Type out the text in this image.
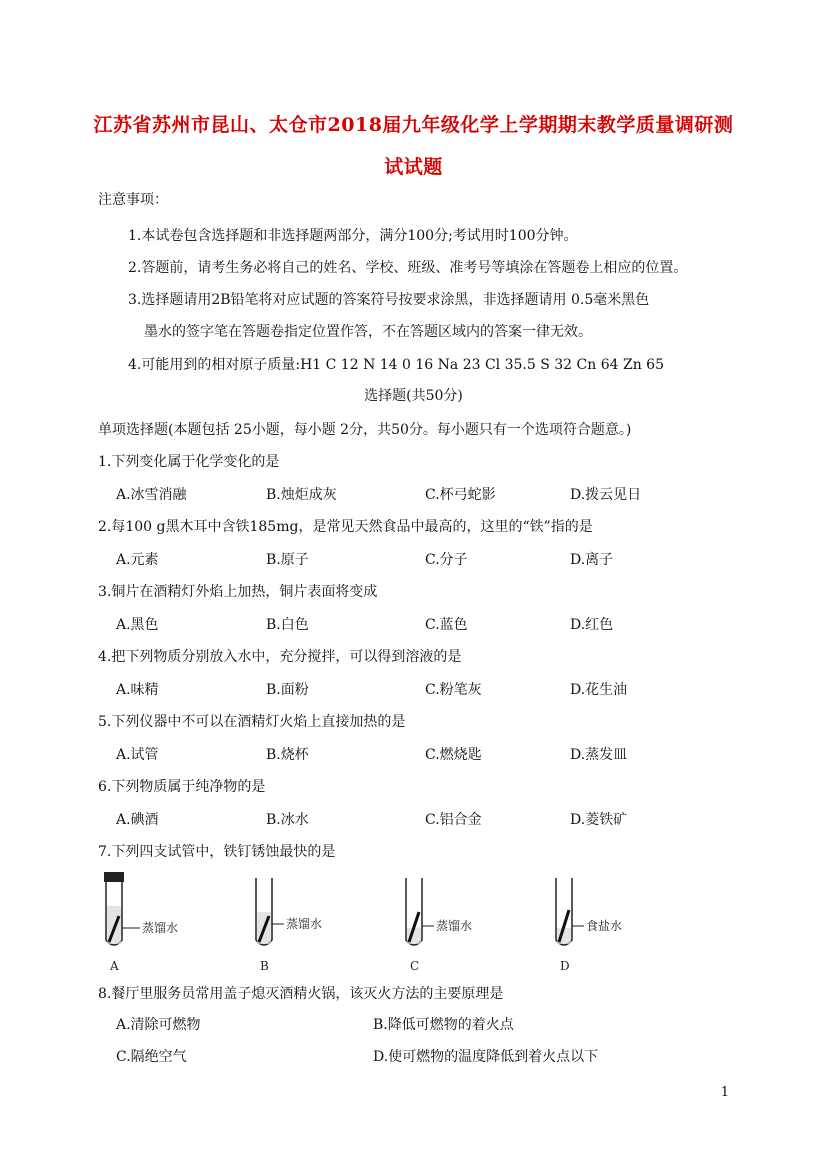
江苏省苏州市昆山、太仓市2018届九年级化学上学期期末教学质量调研测
试试题
注意事项：
1.本试卷包含选择题和非选择题两部分，满分100分;考试用时100分钟。
2.答题前，请考生务必将自己的姓名、学校、班级、准考号等填涂在答题卷上相应的位置。
3.选择题请用2B铅笔将对应试题的答案符号按要求涂黑，非选择题请用 0.5毫米黑色
墨水的签字笔在答题卷指定位置作答，不在答题区域内的答案一律无效。
4.可能用到的相对原子质量:H1 C 12 N 14 0 16 Na 23 Cl 35.5 S 32 Cn 64 Zn 65
选择题(共50分)
单项选择题(本题包括 25小题，每小题 2分，共50分。每小题只有一个选项符合题意。)
1.下列变化属于化学变化的是
A.冰雪消融	B.烛炬成灰	C.杯弓蛇影	D.拨云见日
2.每100 g黑木耳中含铁185mg，是常见天然食品中最高的，这里的“铁”指的是
A.元素	B.原子	C.分子	D.离子
3.铜片在酒精灯外焰上加热，铜片表面将变成
A.黑色	B.白色	C.蓝色	D.红色
4.把下列物质分别放入水中，充分搅拌，可以得到溶液的是
A.味精	B.面粉	C.粉笔灰	D.花生油
5.下列仪器中不可以在酒精灯火焰上直接加热的是
A.试管	B.烧杯	C.燃烧匙	D.蒸发皿
6.下列物质属于纯净物的是
A.碘酒	B.冰水	C.铝合金	D.菱铁矿
7.下列四支试管中，铁钉锈蚀最快的是
蒸馏水
A
蒸馏水
B
蒸馏水
C
食盐水
D
8.餐厅里服务员常用盖子熄灭酒精火锅，该灭火方法的主要原理是
A.清除可燃物	B.降低可燃物的着火点
C.隔绝空气	D.使可燃物的温度降低到着火点以下
1
